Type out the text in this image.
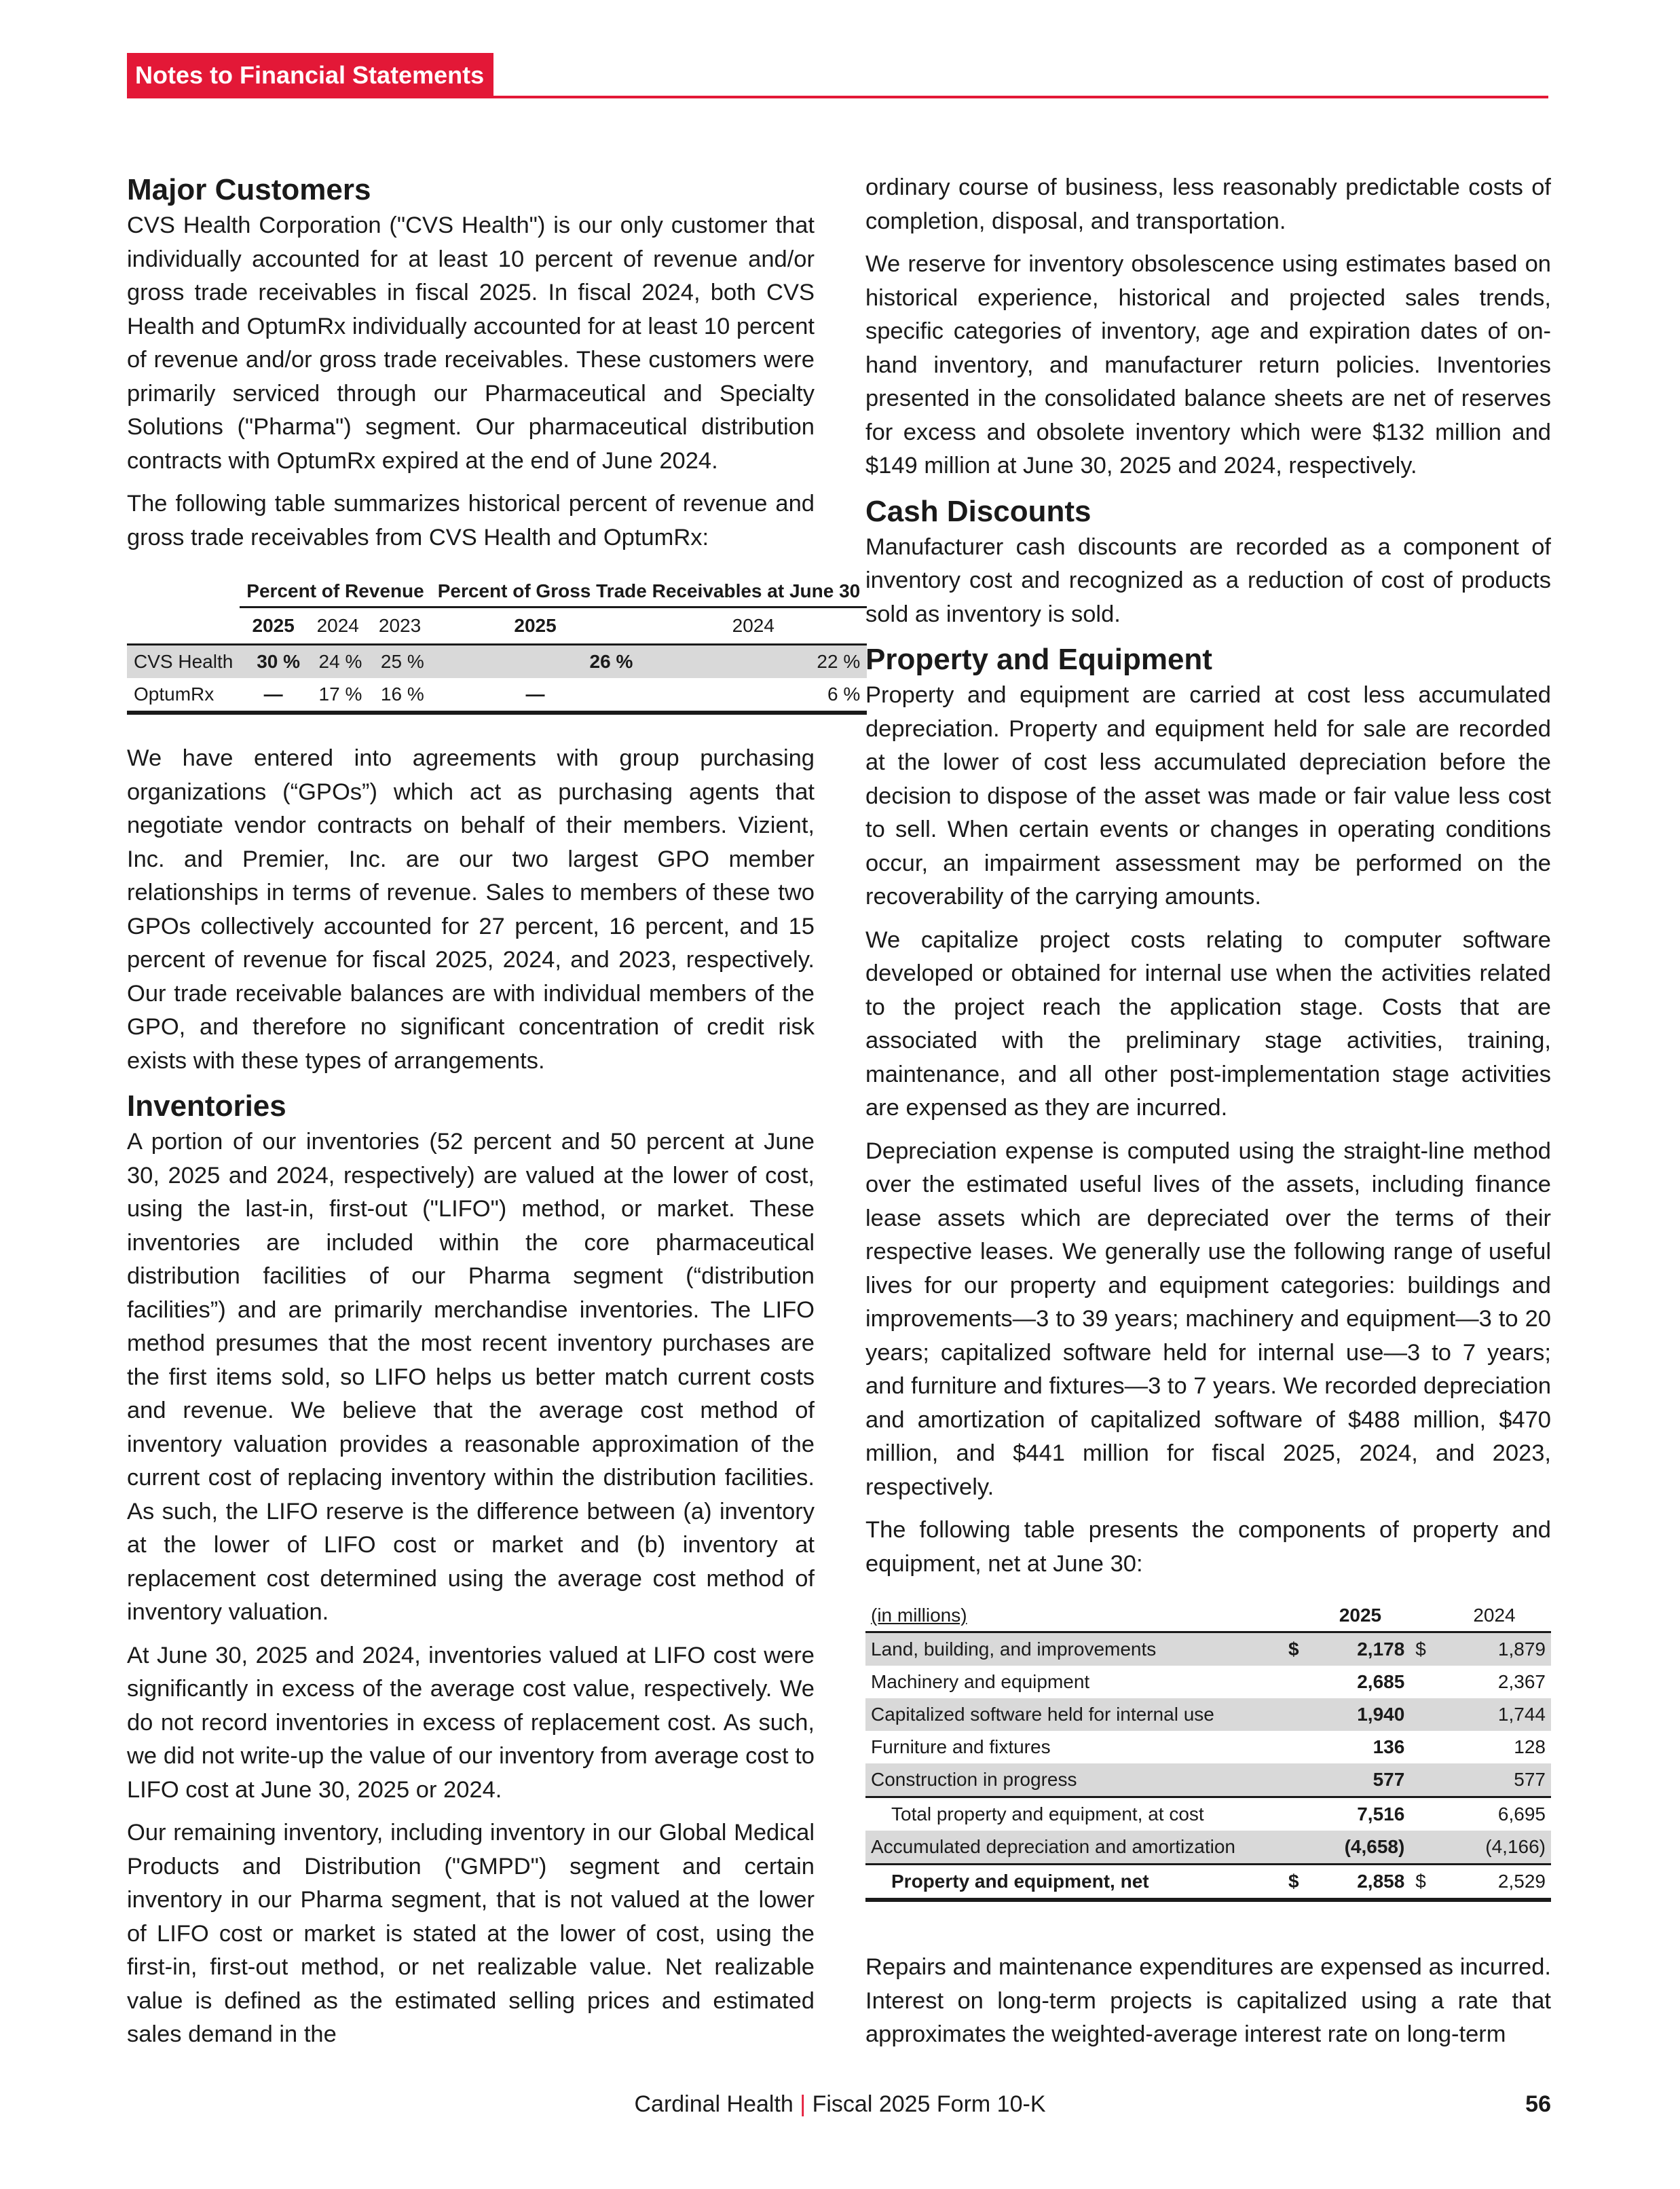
Notes to Financial Statements
Major Customers

CVS Health Corporation ("CVS Health") is our only customer that individually accounted for at least 10 percent of revenue and/or gross trade receivables in fiscal 2025. In fiscal 2024, both CVS Health and OptumRx individually accounted for at least 10 percent of revenue and/or gross trade receivables. These customers were primarily serviced through our Pharmaceutical and Specialty Solutions ("Pharma") segment. Our pharmaceutical distribution contracts with OptumRx expired at the end of June 2024.

The following table summarizes historical percent of revenue and gross trade receivables from CVS Health and OptumRx:

	Percent of Revenue			Percent of Gross Trade Receivables at June 30	
	2025	2024	2023	2025	2024
CVS Health	30 %	24 %	25 %	26 %	22 %
OptumRx	—	17 %	16 %	—	6 %

We have entered into agreements with group purchasing organizations (“GPOs”) which act as purchasing agents that negotiate vendor contracts on behalf of their members. Vizient, Inc. and Premier, Inc. are our two largest GPO member relationships in terms of revenue. Sales to members of these two GPOs collectively accounted for 27 percent, 16 percent, and 15 percent of revenue for fiscal 2025, 2024, and 2023, respectively. Our trade receivable balances are with individual members of the GPO, and therefore no significant concentration of credit risk exists with these types of arrangements.

Inventories

A portion of our inventories (52 percent and 50 percent at June 30, 2025 and 2024, respectively) are valued at the lower of cost, using the last-in, first-out ("LIFO") method, or market. These inventories are included within the core pharmaceutical distribution facilities of our Pharma segment (“distribution facilities”) and are primarily merchandise inventories. The LIFO method presumes that the most recent inventory purchases are the first items sold, so LIFO helps us better match current costs and revenue. We believe that the average cost method of inventory valuation provides a reasonable approximation of the current cost of replacing inventory within the distribution facilities. As such, the LIFO reserve is the difference between (a) inventory at the lower of LIFO cost or market and (b) inventory at replacement cost determined using the average cost method of inventory valuation.

At June 30, 2025 and 2024, inventories valued at LIFO cost were significantly in excess of the average cost value, respectively. We do not record inventories in excess of replacement cost. As such, we did not write-up the value of our inventory from average cost to LIFO cost at June 30, 2025 or 2024.

Our remaining inventory, including inventory in our Global Medical Products and Distribution ("GMPD") segment and certain inventory in our Pharma segment, that is not valued at the lower of LIFO cost or market is stated at the lower of cost, using the first-in, first-out method, or net realizable value. Net realizable value is defined as the estimated selling prices and estimated sales demand in the

ordinary course of business, less reasonably predictable costs of completion, disposal, and transportation.

We reserve for inventory obsolescence using estimates based on historical experience, historical and projected sales trends, specific categories of inventory, age and expiration dates of on-hand inventory, and manufacturer return policies. Inventories presented in the consolidated balance sheets are net of reserves for excess and obsolete inventory which were $132 million and $149 million at June 30, 2025 and 2024, respectively.

Cash Discounts

Manufacturer cash discounts are recorded as a component of inventory cost and recognized as a reduction of cost of products sold as inventory is sold.

Property and Equipment

Property and equipment are carried at cost less accumulated depreciation. Property and equipment held for sale are recorded at the lower of cost less accumulated depreciation before the decision to dispose of the asset was made or fair value less cost to sell. When certain events or changes in operating conditions occur, an impairment assessment may be performed on the recoverability of the carrying amounts.

We capitalize project costs relating to computer software developed or obtained for internal use when the activities related to the project reach the application stage. Costs that are associated with the preliminary stage activities, training, maintenance, and all other post-implementation stage activities are expensed as they are incurred.

Depreciation expense is computed using the straight-line method over the estimated useful lives of the assets, including finance lease assets which are depreciated over the terms of their respective leases. We generally use the following range of useful lives for our property and equipment categories: buildings and improvements—3 to 39 years; machinery and equipment—3 to 20 years; capitalized software held for internal use—3 to 7 years; and furniture and fixtures—3 to 7 years. We recorded depreciation and amortization of capitalized software of $488 million, $470 million, and $441 million for fiscal 2025, 2024, and 2023, respectively.

The following table presents the components of property and equipment, net at June 30:

(in millions)		2025		2024
Land, building, and improvements	$	2,178	$	1,879
Machinery and equipment		2,685		2,367
Capitalized software held for internal use		1,940		1,744
Furniture and fixtures		136		128
Construction in progress		577		577
Total property and equipment, at cost		7,516		6,695
Accumulated depreciation and amortization		(4,658)		(4,166)
Property and equipment, net	$	2,858	$	2,529

Repairs and maintenance expenditures are expensed as incurred. Interest on long-term projects is capitalized using a rate that approximates the weighted-average interest rate on long-term

Cardinal Health | Fiscal 2025 Form 10-K	56
